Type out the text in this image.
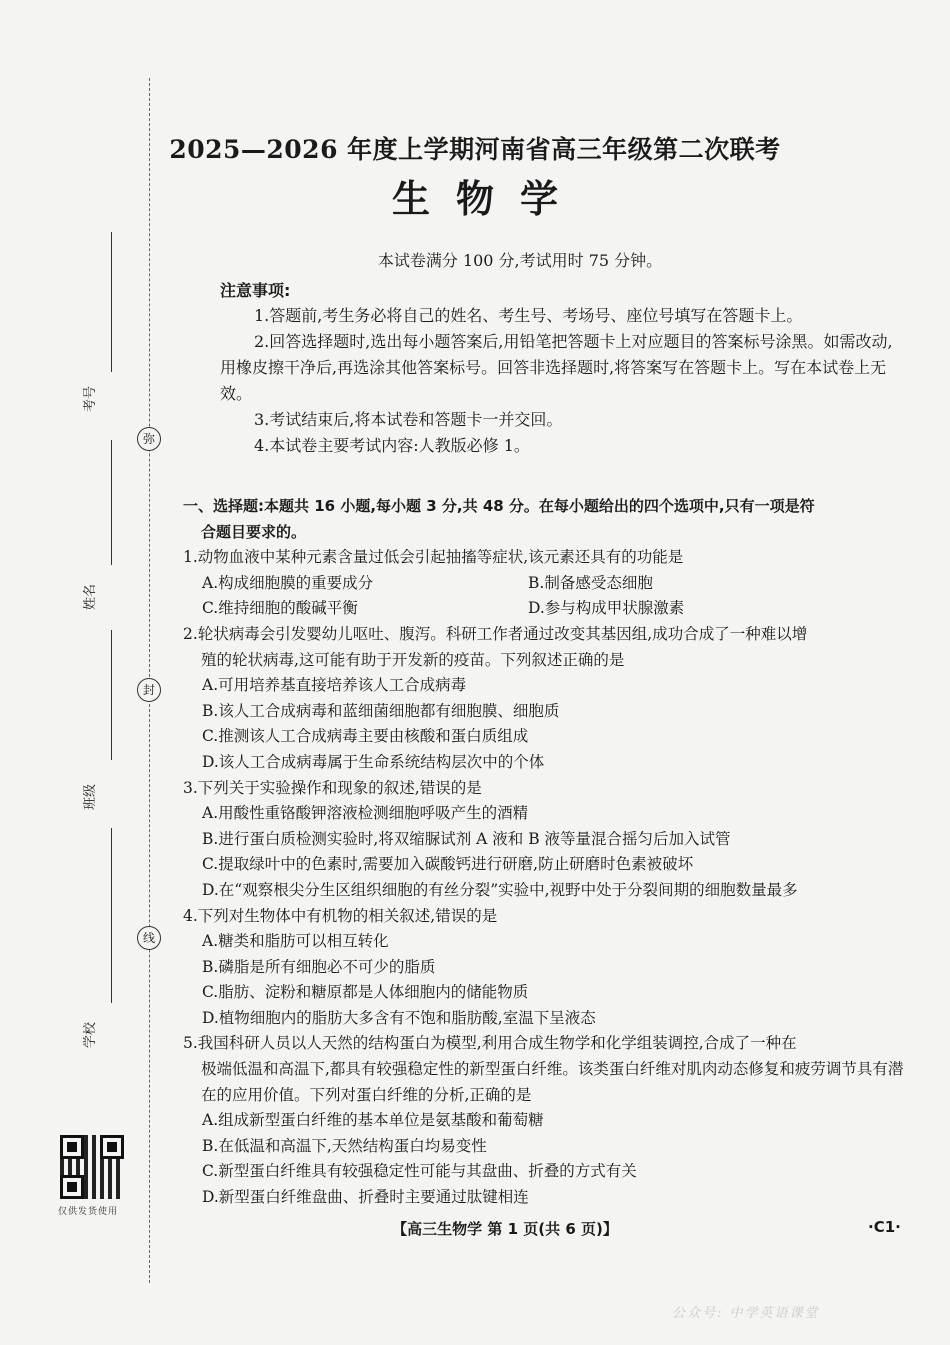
弥
封
线
考号
姓名
班级
学校
仅供发货使用
2025—2026 年度上学期河南省高三年级第二次联考
生物学
本试卷满分 100 分,考试用时 75 分钟。
注意事项:

1.答题前,考生务必将自己的姓名、考生号、考场号、座位号填写在答题卡上。

2.回答选择题时,选出每小题答案后,用铅笔把答题卡上对应题目的答案标号涂黑。如需改动,用橡皮擦干净后,再选涂其他答案标号。回答非选择题时,将答案写在答题卡上。写在本试卷上无效。

3.考试结束后,将本试卷和答题卡一并交回。

4.本试卷主要考试内容:人教版必修 1。

一、选择题:本题共 16 小题,每小题 3 分,共 48 分。在每小题给出的四个选项中,只有一项是符
合题目要求的。
1.动物血液中某种元素含量过低会引起抽搐等症状,该元素还具有的功能是
A.构成细胞膜的重要成分	B.制备感受态细胞
C.维持细胞的酸碱平衡	D.参与构成甲状腺激素
2.轮状病毒会引发婴幼儿呕吐、腹泻。科研工作者通过改变其基因组,成功合成了一种难以增
殖的轮状病毒,这可能有助于开发新的疫苗。下列叙述正确的是
A.可用培养基直接培养该人工合成病毒
B.该人工合成病毒和蓝细菌细胞都有细胞膜、细胞质
C.推测该人工合成病毒主要由核酸和蛋白质组成
D.该人工合成病毒属于生命系统结构层次中的个体
3.下列关于实验操作和现象的叙述,错误的是
A.用酸性重铬酸钾溶液检测细胞呼吸产生的酒精
B.进行蛋白质检测实验时,将双缩脲试剂 A 液和 B 液等量混合摇匀后加入试管
C.提取绿叶中的色素时,需要加入碳酸钙进行研磨,防止研磨时色素被破坏
D.在“观察根尖分生区组织细胞的有丝分裂”实验中,视野中处于分裂间期的细胞数量最多
4.下列对生物体中有机物的相关叙述,错误的是
A.糖类和脂肪可以相互转化
B.磷脂是所有细胞必不可少的脂质
C.脂肪、淀粉和糖原都是人体细胞内的储能物质
D.植物细胞内的脂肪大多含有不饱和脂肪酸,室温下呈液态
5.我国科研人员以人天然的结构蛋白为模型,利用合成生物学和化学组装调控,合成了一种在
极端低温和高温下,都具有较强稳定性的新型蛋白纤维。该类蛋白纤维对肌肉动态修复和疲劳调节具有潜在的应用价值。下列对蛋白纤维的分析,正确的是
A.组成新型蛋白纤维的基本单位是氨基酸和葡萄糖
B.在低温和高温下,天然结构蛋白均易变性
C.新型蛋白纤维具有较强稳定性可能与其盘曲、折叠的方式有关
D.新型蛋白纤维盘曲、折叠时主要通过肽键相连
【高三生物学 第 1 页(共 6 页)】	·C1·
公众号: 中学英语课堂
